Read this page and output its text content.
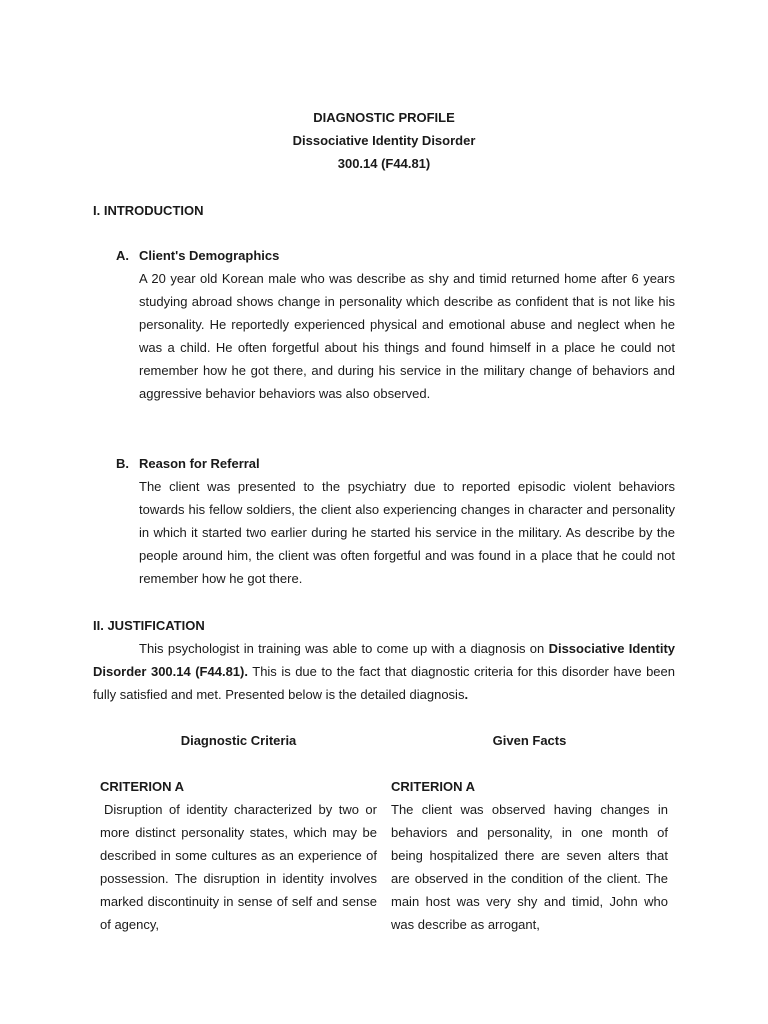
DIAGNOSTIC PROFILE
Dissociative Identity Disorder
300.14 (F44.81)
I. INTRODUCTION
A. Client's Demographics
A 20 year old Korean male who was describe as shy and timid returned home after 6 years studying abroad shows change in personality which describe as confident that is not like his personality. He reportedly experienced physical and emotional abuse and neglect when he was a child. He often forgetful about his things and found himself in a place he could not remember how he got there, and during his service in the military change of behaviors and aggressive behavior behaviors was also observed.
B. Reason for Referral
The client was presented to the psychiatry due to reported episodic violent behaviors towards his fellow soldiers, the client also experiencing changes in character and personality in which it started two earlier during he started his service in the military. As describe by the people around him, the client was often forgetful and was found in a place that he could not remember how he got there.
II. JUSTIFICATION
This psychologist in training was able to come up with a diagnosis on Dissociative Identity Disorder 300.14 (F44.81). This is due to the fact that diagnostic criteria for this disorder have been fully satisfied and met. Presented below is the detailed diagnosis.
Diagnostic Criteria	Given Facts
CRITERION A	CRITERION A
Disruption of identity characterized by two or more distinct personality states, which may be described in some cultures as an experience of possession. The disruption in identity involves marked discontinuity in sense of self and sense of agency,
The client was observed having changes in behaviors and personality, in one month of being hospitalized there are seven alters that are observed in the condition of the client. The main host was very shy and timid, John who was describe as arrogant,
